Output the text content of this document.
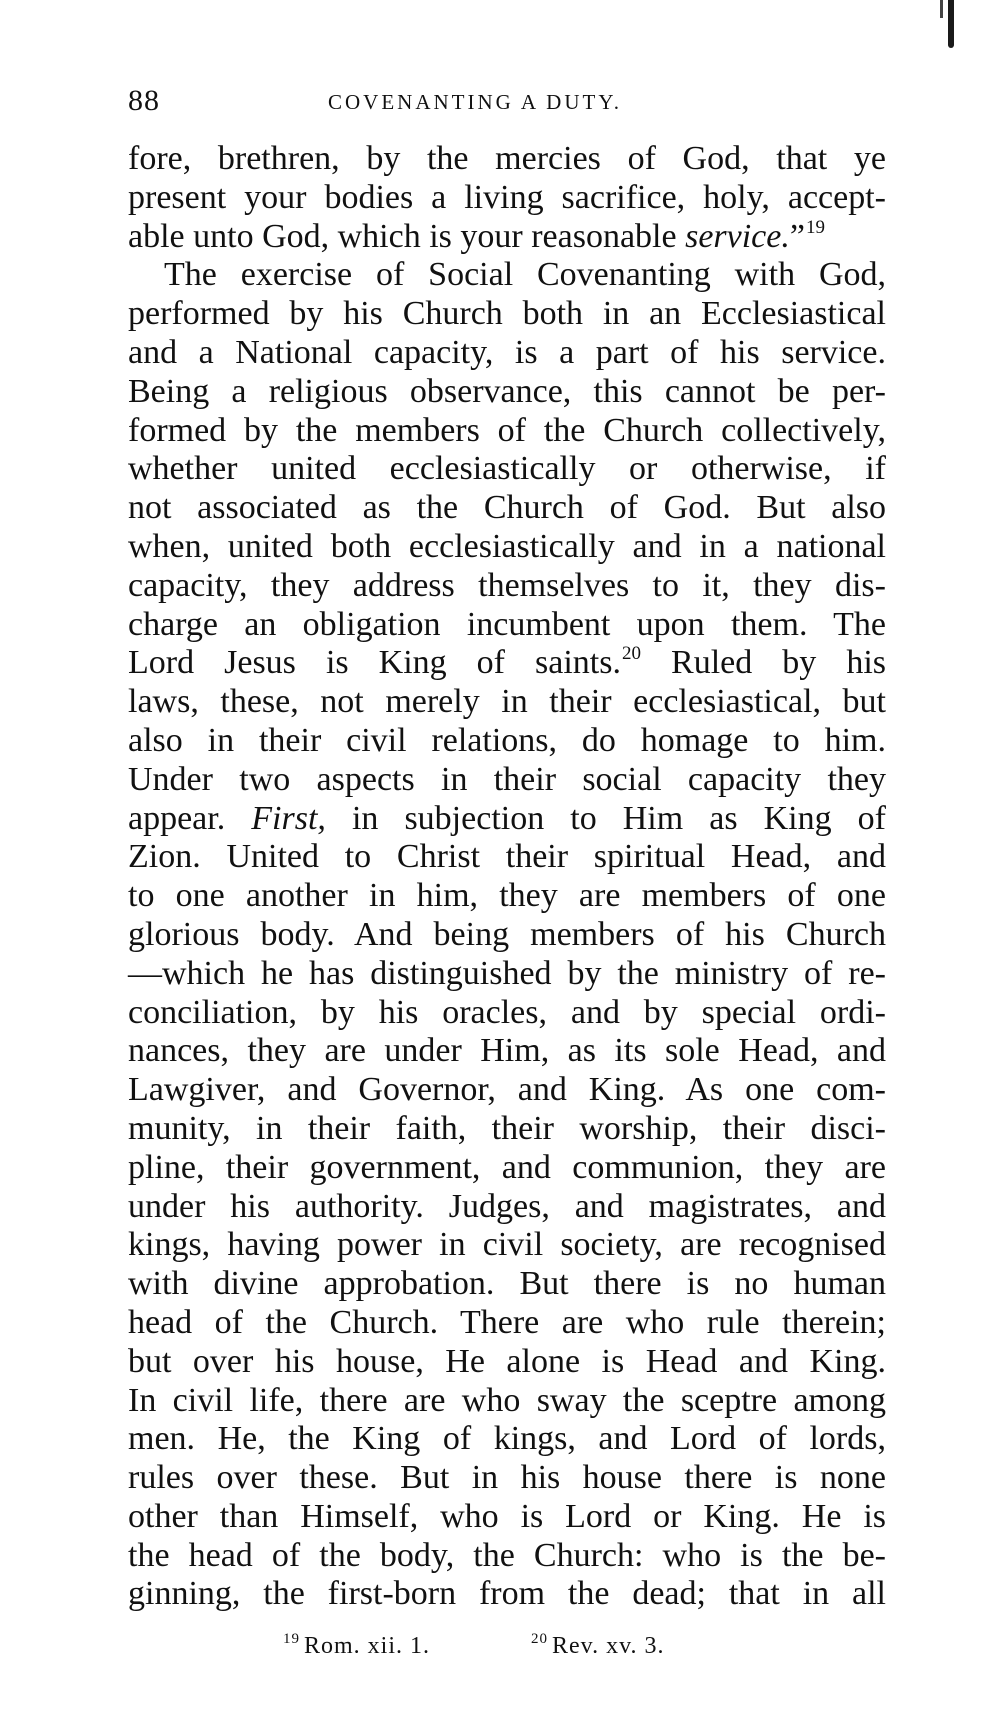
88	COVENANTING A DUTY.
fore, brethren, by the mercies of God, that ye
present your bodies a living sacrifice, holy, accept-
able unto God, which is your reasonable service.”$^{19}$
The exercise of Social Covenanting with God,
performed by his Church both in an Ecclesiastical
and a National capacity, is a part of his service.
Being a religious observance, this cannot be per-
formed by the members of the Church collectively,
whether united ecclesiastically or otherwise, if
not associated as the Church of God. But also
when, united both ecclesiastically and in a national
capacity, they address themselves to it, they dis-
charge an obligation incumbent upon them. The
Lord Jesus is King of saints.$^{20}$ Ruled by his
laws, these, not merely in their ecclesiastical, but
also in their civil relations, do homage to him.
Under two aspects in their social capacity they
appear. First, in subjection to Him as King of
Zion. United to Christ their spiritual Head, and
to one another in him, they are members of one
glorious body. And being members of his Church
—which he has distinguished by the ministry of re-
conciliation, by his oracles, and by special ordi-
nances, they are under Him, as its sole Head, and
Lawgiver, and Governor, and King. As one com-
munity, in their faith, their worship, their disci-
pline, their government, and communion, they are
under his authority. Judges, and magistrates, and
kings, having power in civil society, are recognised
with divine approbation. But there is no human
head of the Church. There are who rule therein;
but over his house, He alone is Head and King.
In civil life, there are who sway the sceptre among
men. He, the King of kings, and Lord of lords,
rules over these. But in his house there is none
other than Himself, who is Lord or King. He is
the head of the body, the Church: who is the be-
ginning, the first-born from the dead; that in all
$^{19}$ Rom. xii. 1.	$^{20}$ Rev. xv. 3.
